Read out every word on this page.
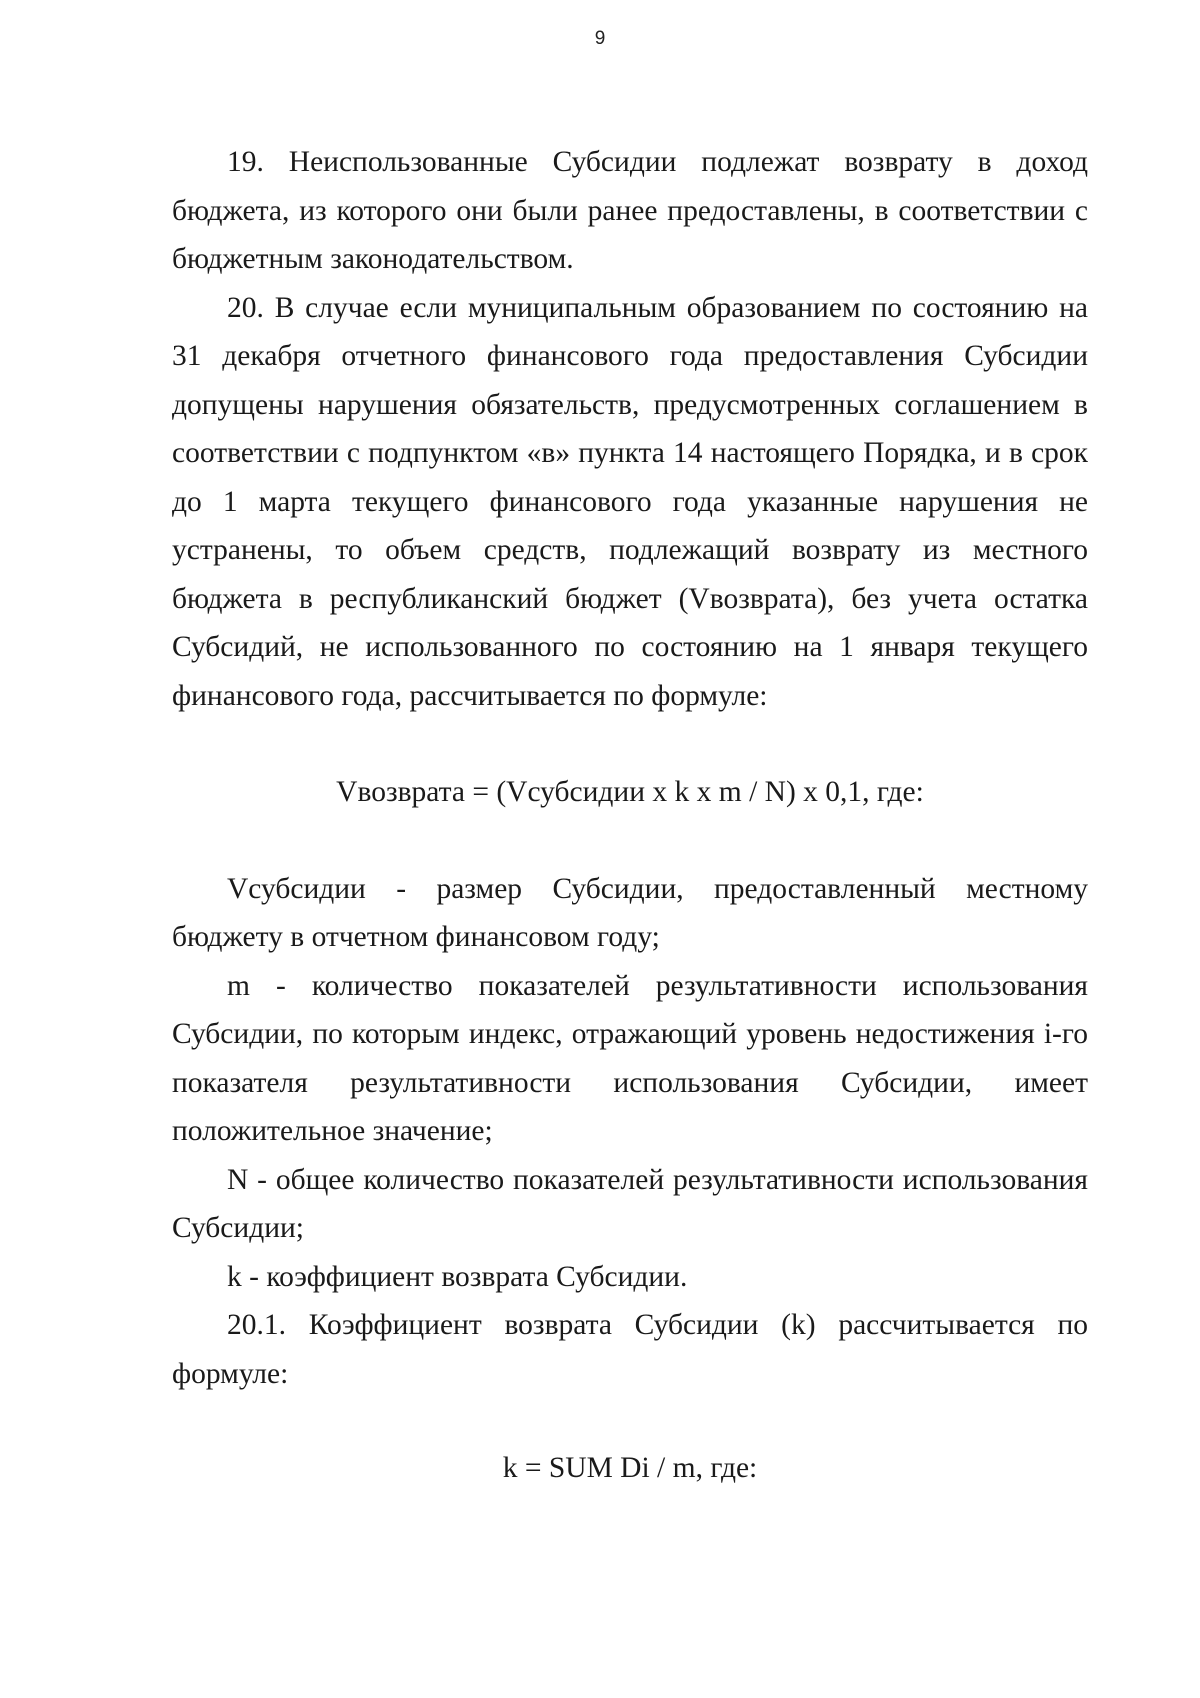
9

19. Неиспользованные Субсидии подлежат возврату в доход бюджета, из которого они были ранее предоставлены, в соответствии с бюджетным законодательством.

20. В случае если муниципальным образованием по состоянию на 31 декабря отчетного финансового года предоставления Субсидии допущены нарушения обязательств, предусмотренных соглашением в соответствии с подпунктом «в» пункта 14 настоящего Порядка, и в срок до 1 марта текущего финансового года указанные нарушения не устранены, то объем средств, подлежащий возврату из местного бюджета в республиканский бюджет (Vвозврата), без учета остатка Субсидий, не использованного по состоянию на 1 января текущего финансового года, рассчитывается по формуле:

Vвозврата = (Vсубсидии x k x m / N) x 0,1, где:

Vсубсидии - размер Субсидии, предоставленный местному бюджету в отчетном финансовом году;

m - количество показателей результативности использования Субсидии, по которым индекс, отражающий уровень недостижения i-го показателя результативности использования Субсидии, имеет положительное значение;

N - общее количество показателей результативности использования Субсидии;

k - коэффициент возврата Субсидии.

20.1. Коэффициент возврата Субсидии (k) рассчитывается по формуле:

k = SUM Di / m, где:
